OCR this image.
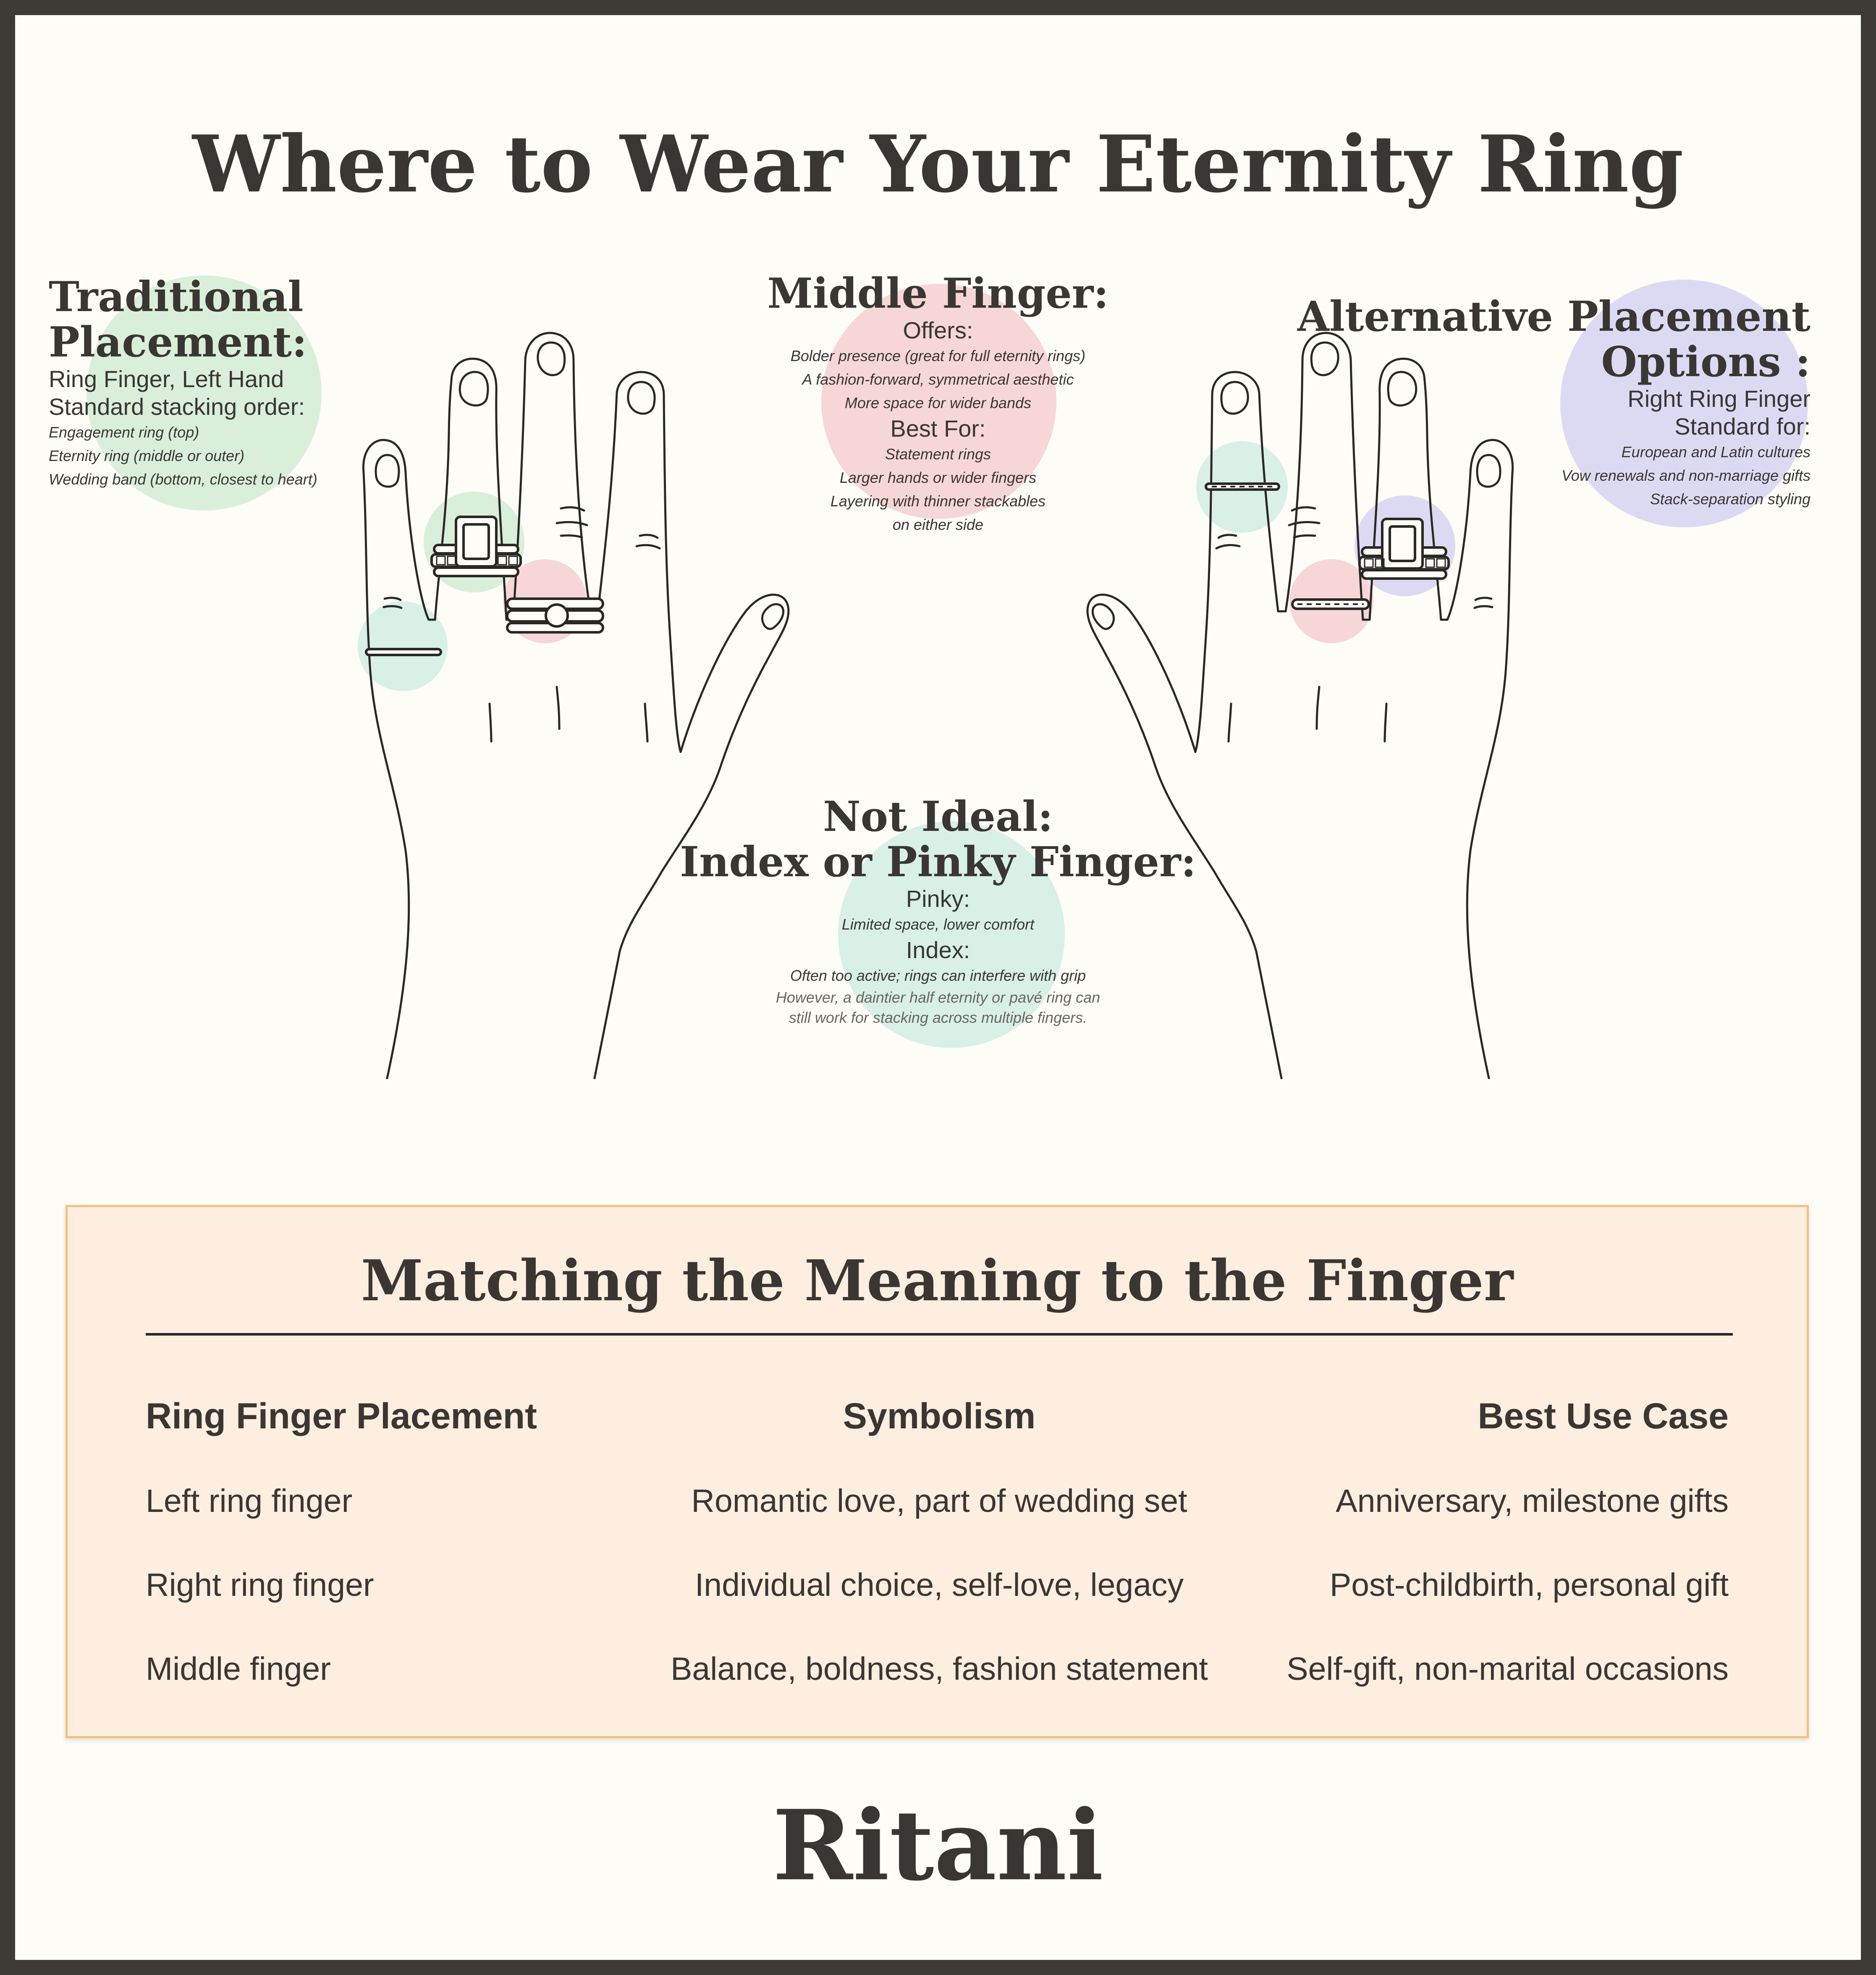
Where to Wear Your Eternity Ring
Traditional
Placement:
Ring Finger, Left Hand
Standard stacking order:
Engagement ring (top)
Eternity ring (middle or outer)
Wedding band (bottom, closest to heart)
Middle Finger:
Offers:
Bolder presence (great for full eternity rings)
A fashion-forward, symmetrical aesthetic
More space for wider bands
Best For:
Statement rings
Larger hands or wider fingers
Layering with thinner stackables
on either side
Alternative Placement
Options :
Right Ring Finger
Standard for:
European and Latin cultures
Vow renewals and non-marriage gifts
Stack-separation styling
Not Ideal:
Index or Pinky Finger:
Pinky:
Limited space, lower comfort
Index:
Often too active; rings can interfere with grip
However, a daintier half eternity or pavé ring can
still work for stacking across multiple fingers.
Matching the Meaning to the Finger
Ring Finger Placement	Symbolism	Best Use Case
Left ring finger	Romantic love, part of wedding set	Anniversary, milestone gifts
Right ring finger	Individual choice, self-love, legacy	Post-childbirth, personal gift
Middle finger	Balance, boldness, fashion statement	Self-gift, non-marital occasions
Ritani
